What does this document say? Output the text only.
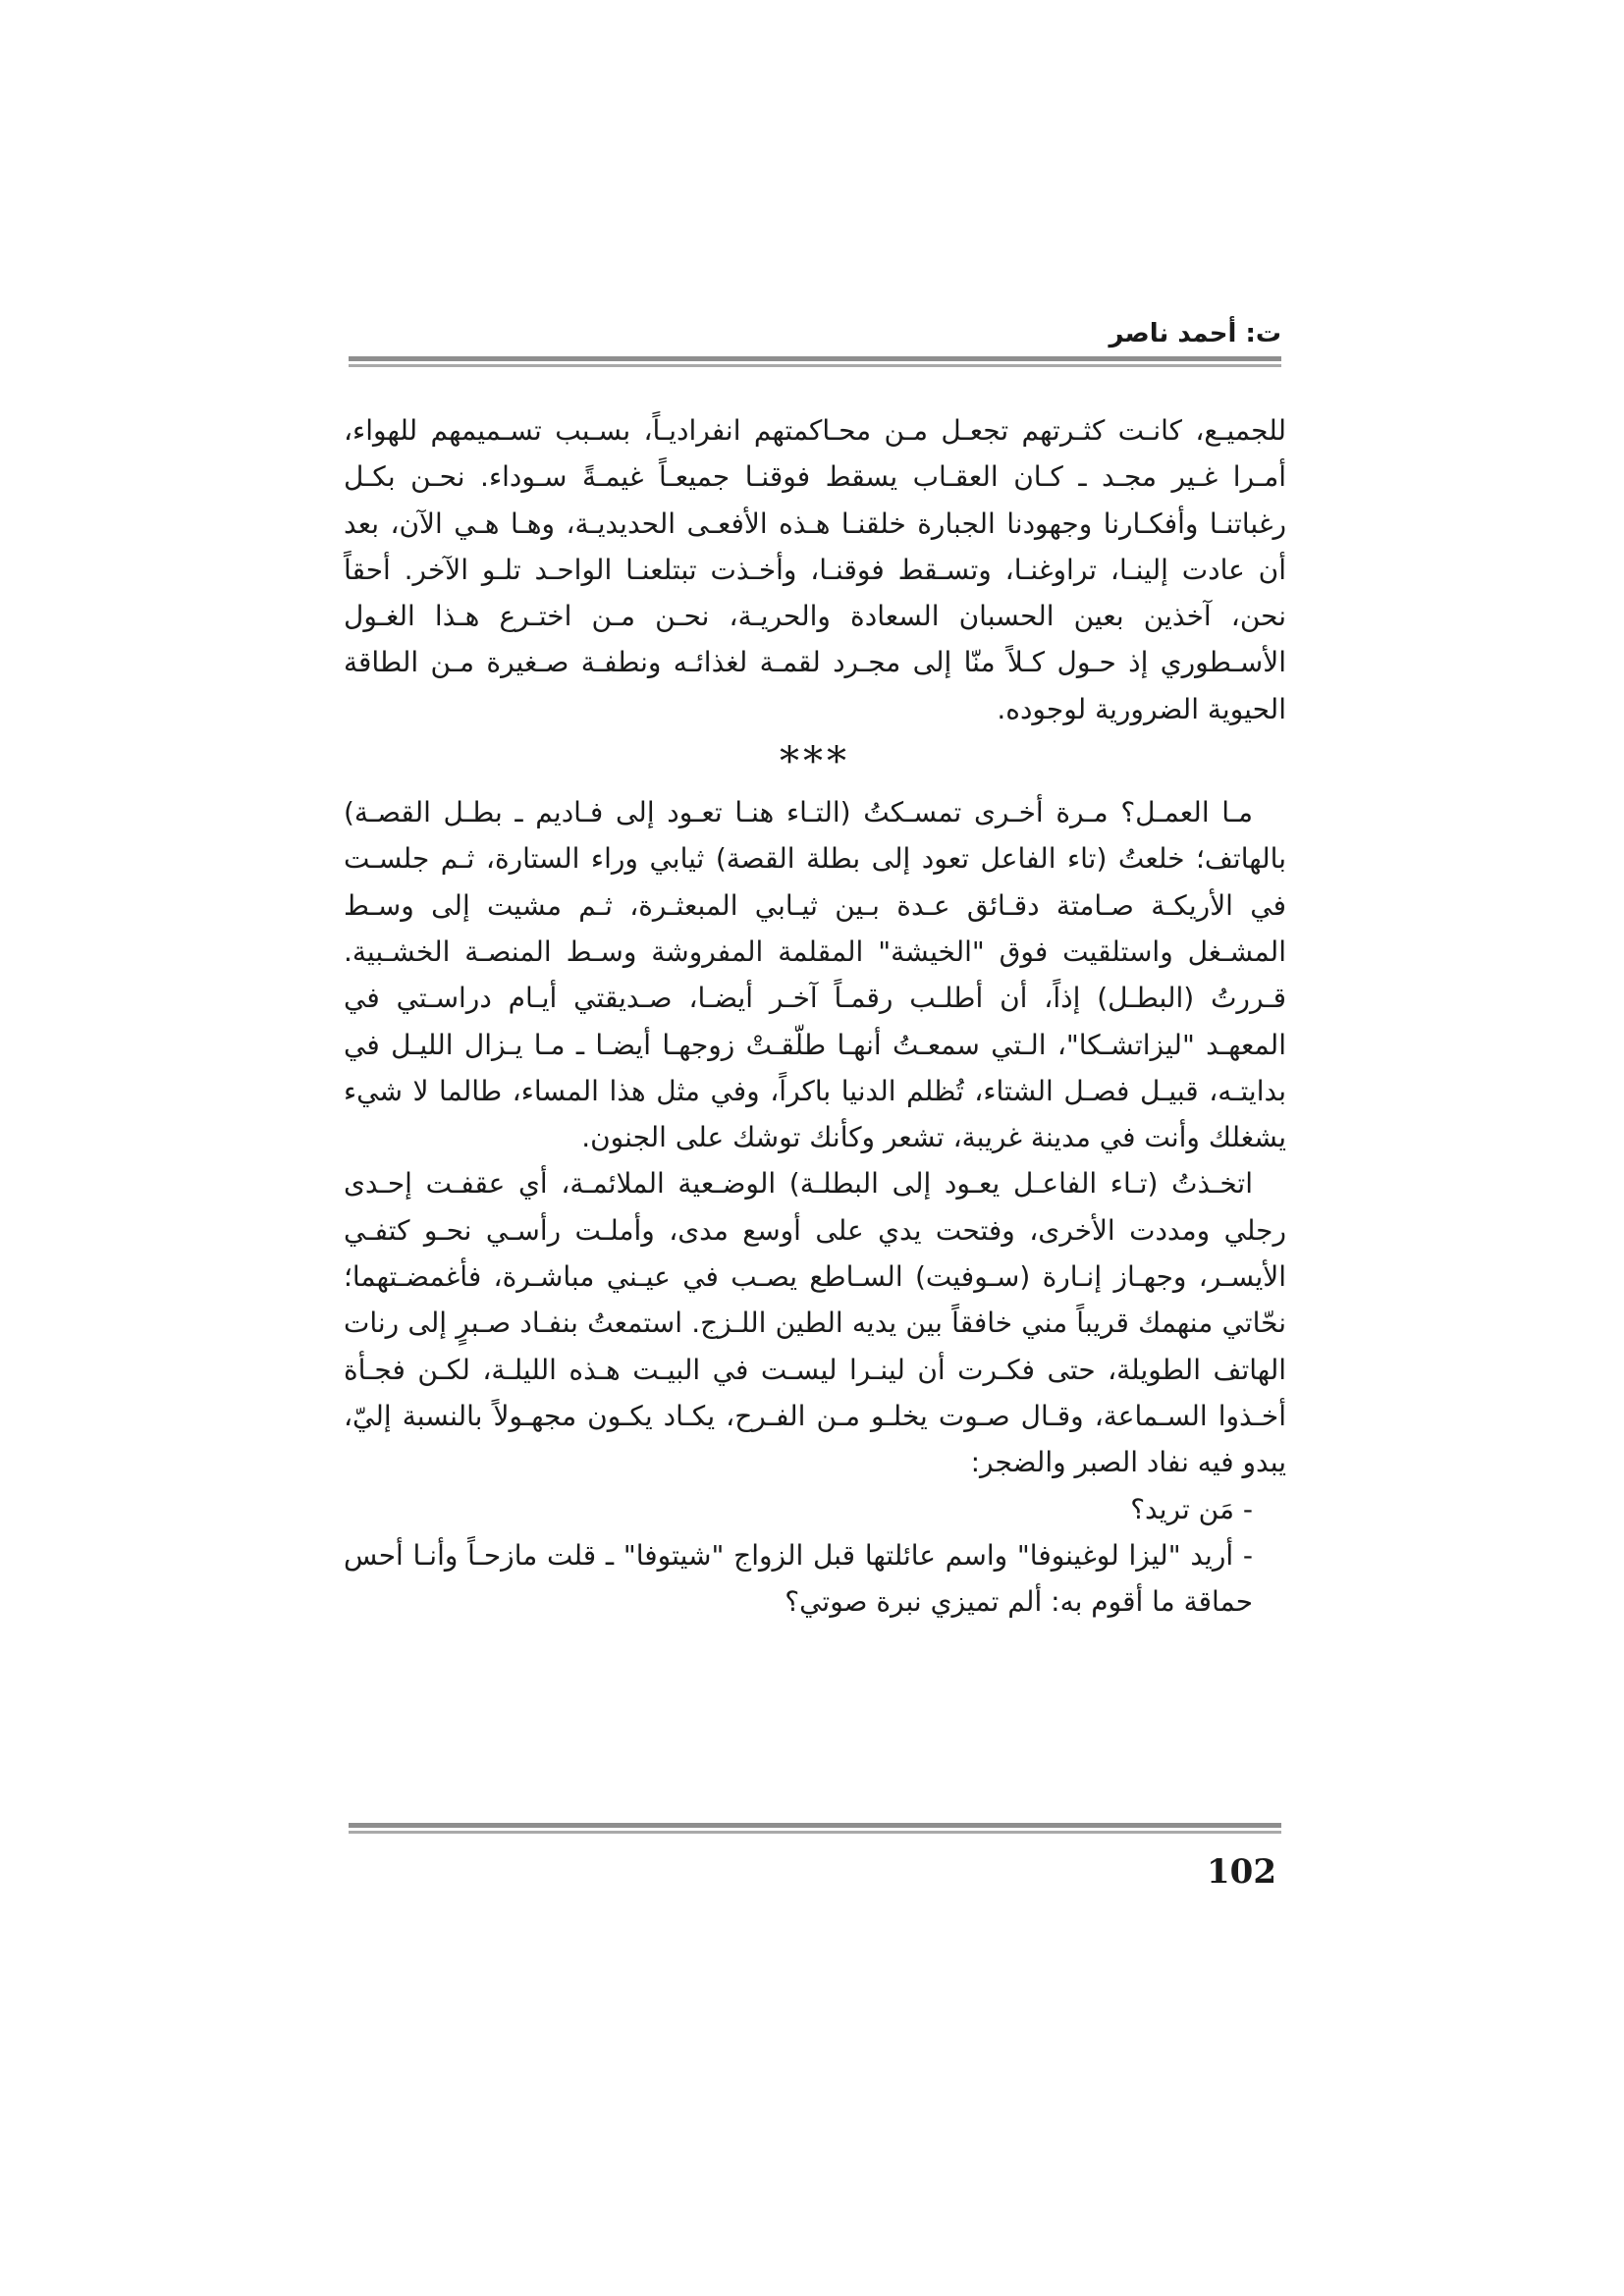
ت: أحمد ناصر

للجميـع، كانـت كثـرتهم تجعـل مـن محـاكمتهم انفراديـاً، بسـبب تسـميمهم للهواء، أمـرا غـير مجـد ـ كـان العقـاب يسقط فوقنـا جميعـاً غيمـةً سـوداء. نحـن بكـل رغباتنـا وأفكـارنا وجهودنا الجبارة خلقنـا هـذه الأفعـى الحديديـة، وهـا هـي الآن، بعد أن عادت إلينـا، تراوغنـا، وتسـقط فوقنـا، وأخـذت تبتلعنـا الواحـد تلـو الآخر. أحقاً نحن، آخذين بعين الحسبان السعادة والحريـة، نحـن مـن اختـرع هـذا الغـول الأسـطوري إذ حـول كـلاً منّا إلى مجـرد لقمـة لغذائـه ونطفـة صـغيرة مـن الطاقة الحيوية الضرورية لوجوده.

***

مـا العمـل؟ مـرة أخـرى تمسـكتُ (التـاء هنـا تعـود إلى فـاديم ـ بطـل القصـة) بالهاتف؛ خلعتُ (تاء الفاعل تعود إلى بطلة القصة) ثيابي وراء الستارة، ثـم جلسـت في الأريكـة صـامتة دقـائق عـدة بـين ثيـابي المبعثـرة، ثـم مشيت إلى وسـط المشـغل واستلقيت فوق "الخيشة" المقلمة المفروشة وسـط المنصـة الخشـبية. قـررتُ (البطـل) إذاً، أن أطلـب رقمـاً آخـر أيضـا، صـديقتي أيـام دراسـتي في المعهـد "ليزاتشـكا"، الـتي سمعـتُ أنهـا طلّقـتْ زوجهـا أيضـا ـ مـا يـزال الليـل في بدايتـه، قبيـل فصـل الشتاء، تُظلم الدنيا باكراً، وفي مثل هذا المساء، طالما لا شيء يشغلك وأنت في مدينة غريبة، تشعر وكأنك توشك على الجنون.

اتخـذتُ (تـاء الفاعـل يعـود إلى البطلـة) الوضـعية الملائمـة، أي عقفـت إحـدى رجلي ومددت الأخرى، وفتحت يدي على أوسع مدى، وأملـت رأسـي نحـو كتفـي الأيسـر، وجهـاز إنـارة (سـوفيت) السـاطع يصـب في عيـني مباشـرة، فأغمضـتهما؛ نحّاتي منهمك قريباً مني خافقاً بين يديه الطين اللـزج. استمعتُ بنفـاد صـبرٍ إلى رنات الهاتف الطويلة، حتى فكـرت أن لينـرا ليسـت في البيـت هـذه الليلـة، لكـن فجـأة أخـذوا السـماعة، وقـال صـوت يخلـو مـن الفـرح، يكـاد يكـون مجهـولاً بالنسبة إليّ، يبدو فيه نفاد الصبر والضجر:

- مَن تريد؟

- أريد "ليزا لوغينوفا" واسم عائلتها قبل الزواج "شيتوفا" ـ قلت مازحـاً وأنـا أحس حماقة ما أقوم به: ألم تميزي نبرة صوتي؟

102
